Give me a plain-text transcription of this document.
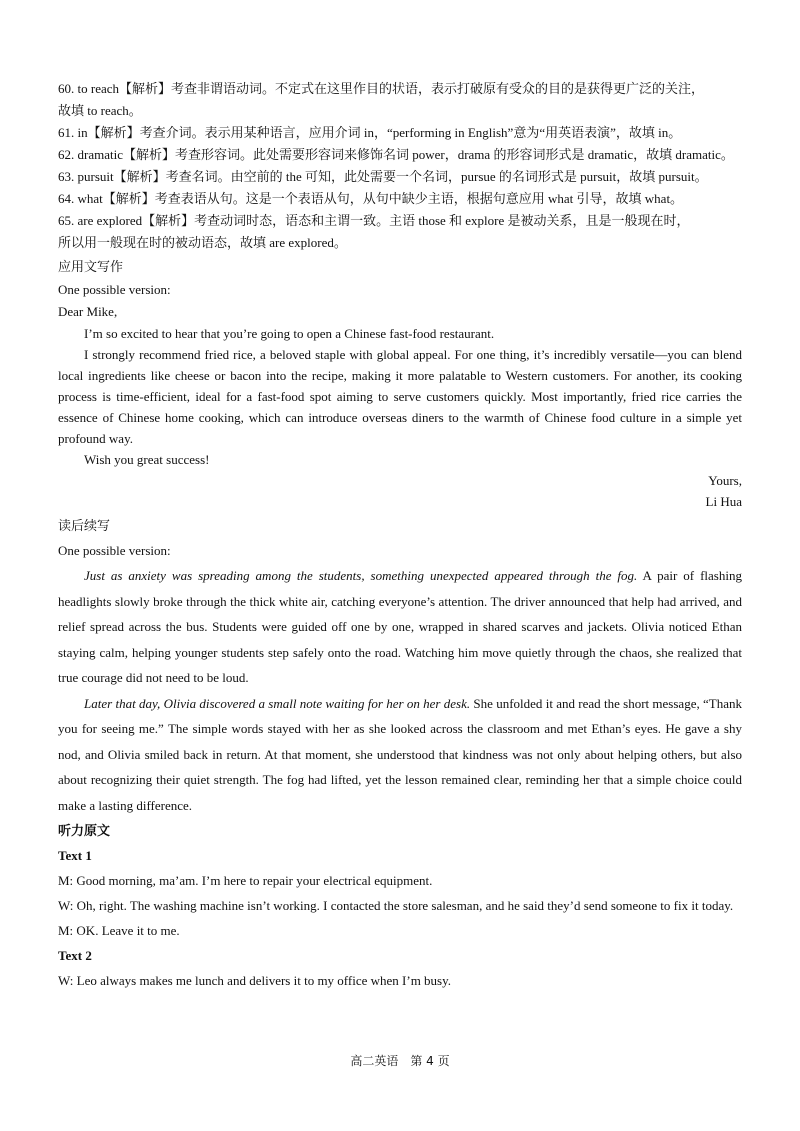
60. to reach【解析】考查非谓语动词。不定式在这里作目的状语，表示打破原有受众的目的是获得更广泛的关注，

故填 to reach。

61. in【解析】考查介词。表示用某种语言，应用介词 in，“performing in English”意为“用英语表演”，故填 in。

62. dramatic【解析】考查形容词。此处需要形容词来修饰名词 power，drama 的形容词形式是 dramatic，故填 dramatic。

63. pursuit【解析】考查名词。由空前的 the 可知，此处需要一个名词，pursue 的名词形式是 pursuit，故填 pursuit。

64. what【解析】考查表语从句。这是一个表语从句，从句中缺少主语，根据句意应用 what 引导，故填 what。

65. are explored【解析】考查动词时态，语态和主谓一致。主语 those 和 explore 是被动关系，且是一般现在时，

所以用一般现在时的被动语态，故填 are explored。

应用文写作

One possible version:

Dear Mike,

I’m so excited to hear that you’re going to open a Chinese fast-food restaurant.

I strongly recommend fried rice, a beloved staple with global appeal. For one thing, it’s incredibly versatile—you can blend local ingredients like cheese or bacon into the recipe, making it more palatable to Western customers. For another, its cooking process is time-efficient, ideal for a fast-food spot aiming to serve customers quickly. Most importantly, fried rice carries the essence of Chinese home cooking, which can introduce overseas diners to the warmth of Chinese food culture in a simple yet profound way.

Wish you great success!

Yours,

Li Hua

读后续写

One possible version:

Just as anxiety was spreading among the students, something unexpected appeared through the fog. A pair of flashing headlights slowly broke through the thick white air, catching everyone’s attention. The driver announced that help had arrived, and relief spread across the bus. Students were guided off one by one, wrapped in shared scarves and jackets. Olivia noticed Ethan staying calm, helping younger students step safely onto the road. Watching him move quietly through the chaos, she realized that true courage did not need to be loud.

Later that day, Olivia discovered a small note waiting for her on her desk. She unfolded it and read the short message, “Thank you for seeing me.” The simple words stayed with her as she looked across the classroom and met Ethan’s eyes. He gave a shy nod, and Olivia smiled back in return. At that moment, she understood that kindness was not only about helping others, but also about recognizing their quiet strength. The fog had lifted, yet the lesson remained clear, reminding her that a simple choice could make a lasting difference.

听力原文

Text 1

M: Good morning, ma’am. I’m here to repair your electrical equipment.

W: Oh, right. The washing machine isn’t working. I contacted the store salesman, and he said they’d send someone to fix it today.

M: OK. Leave it to me.

Text 2

W: Leo always makes me lunch and delivers it to my office when I’m busy.

高二英语　第 4 页
